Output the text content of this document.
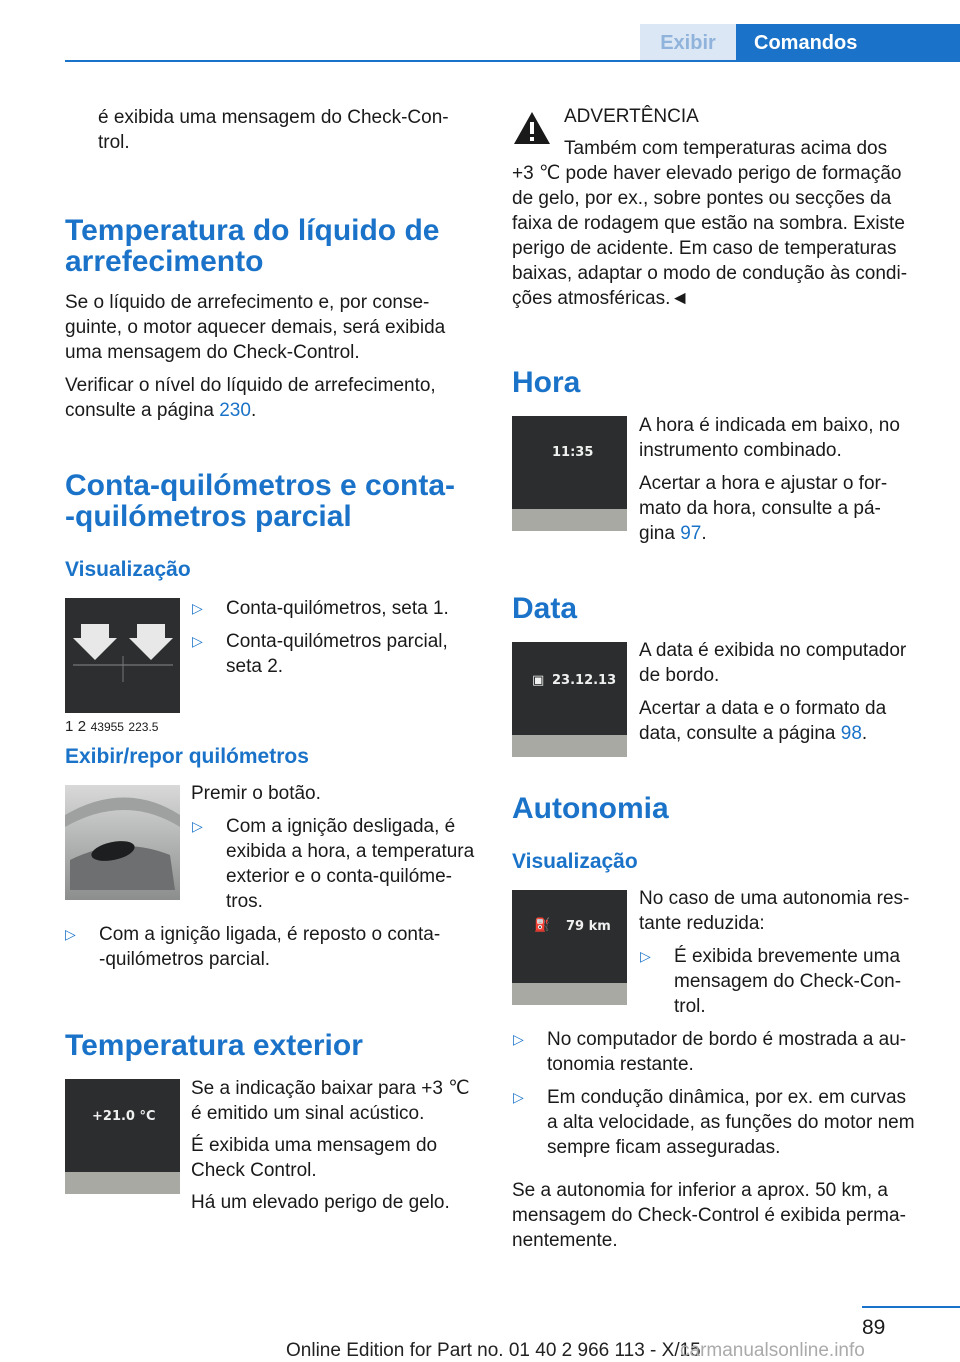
Exibir	Comandos

é exibida uma mensagem do Check-Con‐

trol.

Temperatura do líquido de
arrefecimento

Se o líquido de arrefecimento e, por conse‐

guinte, o motor aquecer demais, será exibida

uma mensagem do Check-Control.

Verificar o nível do líquido de arrefecimento,

consulte a página 230.

Conta-quilómetros e conta-
-quilómetros parcial
Visualização
1 2 43955 223.5
▷ Conta-quilómetros, seta 1.
▷ Conta-quilómetros parcial,

seta 2.

Exibir/repor quilómetros

Premir o botão.

▷ Com a ignição desligada, é

exibida a hora, a temperatura

exterior e o conta-quilóme‐

tros.

▷ Com a ignição ligada, é reposto o conta-

-quilómetros parcial.

Temperatura exterior
+21.0 °C

Se a indicação baixar para +3 ℃

é emitido um sinal acústico.

É exibida uma mensagem do

Check Control.

Há um elevado perigo de gelo.

ADVERTÊNCIA

Também com temperaturas acima dos

+3 ℃ pode haver elevado perigo de formação

de gelo, por ex., sobre pontes ou secções da

faixa de rodagem que estão na sombra. Existe

perigo de acidente. Em caso de temperaturas

baixas, adaptar o modo de condução às condi‐

ções atmosféricas.◄

Hora
11:35

A hora é indicada em baixo, no

instrumento combinado.

Acertar a hora e ajustar o for‐

mato da hora, consulte a pá‐

gina 97.

Data
▣ 23.12.13

A data é exibida no computador

de bordo.

Acertar a data e o formato da

data, consulte a página 98.

Autonomia
Visualização
⛽ 79 km

No caso de uma autonomia res‐

tante reduzida:

▷ É exibida brevemente uma

mensagem do Check-Con‐

trol.

▷ No computador de bordo é mostrada a au‐

tonomia restante.

▷ Em condução dinâmica, por ex. em curvas

a alta velocidade, as funções do motor nem

sempre ficam asseguradas.

Se a autonomia for inferior a aprox. 50 km, a

mensagem do Check-Control é exibida perma‐

nentemente.

89
Online Edition for Part no. 01 40 2 966 113 - X/15
carmanualsonline.info
